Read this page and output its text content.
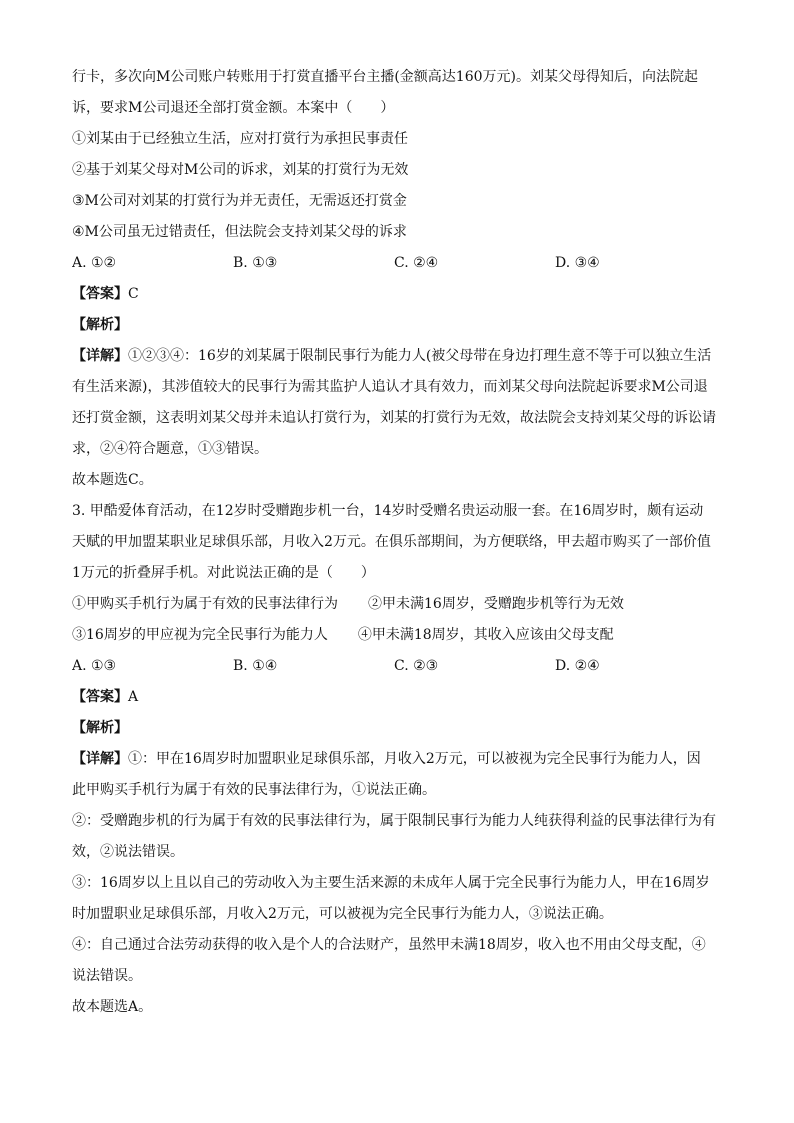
行卡，多次向M公司账户转账用于打赏直播平台主播(金额高达160万元)。刘某父母得知后，向法院起
诉，要求M公司退还全部打赏金额。本案中（　　）
①刘某由于已经独立生活，应对打赏行为承担民事责任
②基于刘某父母对M公司的诉求，刘某的打赏行为无效
③M公司对刘某的打赏行为并无责任，无需返还打赏金
④M公司虽无过错责任，但法院会支持刘某父母的诉求
A. ①②	B. ①③	C. ②④	D. ③④
【答案】C
【解析】
【详解】①②③④：16岁的刘某属于限制民事行为能力人(被父母带在身边打理生意不等于可以独立生活
有生活来源)，其涉值较大的民事行为需其监护人追认才具有效力，而刘某父母向法院起诉要求M公司退
还打赏金额，这表明刘某父母并未追认打赏行为，刘某的打赏行为无效，故法院会支持刘某父母的诉讼请
求，②④符合题意，①③错误。
故本题选C。
3. 甲酷爱体育活动，在12岁时受赠跑步机一台，14岁时受赠名贵运动服一套。在16周岁时，颇有运动
天赋的甲加盟某职业足球俱乐部，月收入2万元。在俱乐部期间，为方便联络，甲去超市购买了一部价值
1万元的折叠屏手机。对此说法正确的是（　　）
①甲购买手机行为属于有效的民事法律行为 ②甲未满16周岁，受赠跑步机等行为无效
③16周岁的甲应视为完全民事行为能力人 ④甲未满18周岁，其收入应该由父母支配
A. ①③	B. ①④	C. ②③	D. ②④
【答案】A
【解析】
【详解】①：甲在16周岁时加盟职业足球俱乐部，月收入2万元，可以被视为完全民事行为能力人，因
此甲购买手机行为属于有效的民事法律行为，①说法正确。
②：受赠跑步机的行为属于有效的民事法律行为，属于限制民事行为能力人纯获得利益的民事法律行为有
效，②说法错误。
③：16周岁以上且以自己的劳动收入为主要生活来源的未成年人属于完全民事行为能力人，甲在16周岁
时加盟职业足球俱乐部，月收入2万元，可以被视为完全民事行为能力人，③说法正确。
④：自己通过合法劳动获得的收入是个人的合法财产，虽然甲未满18周岁，收入也不用由父母支配，④
说法错误。
故本题选A。
